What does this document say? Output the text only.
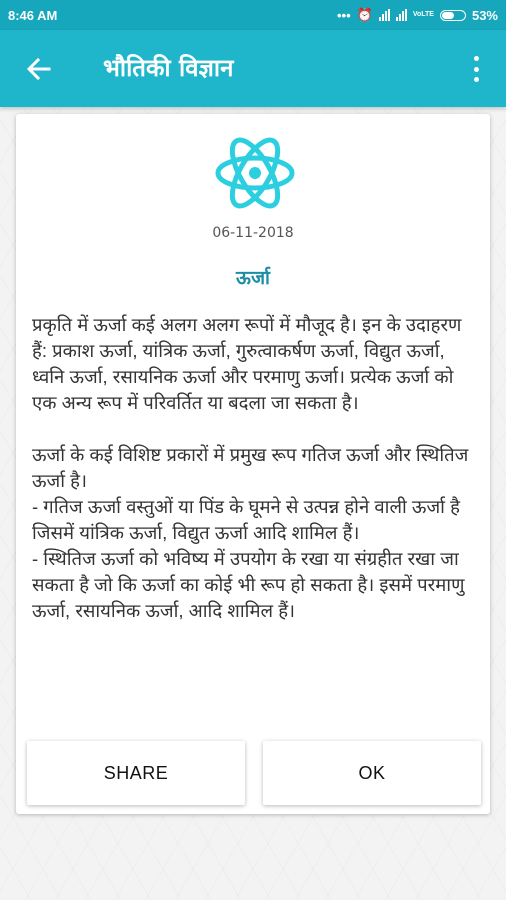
8:46 AM	••• ⏰	VoLTE	53%
भौतिकी विज्ञान
06-11-2018
ऊर्जा

प्रकृति में ऊर्जा कई अलग अलग रूपों में मौजूद है। इन के उदाहरण हैं: प्रकाश ऊर्जा, यांत्रिक ऊर्जा, गुरुत्वाकर्षण ऊर्जा, विद्युत ऊर्जा, ध्वनि ऊर्जा, रसायनिक ऊर्जा और परमाणु ऊर्जा। प्रत्येक ऊर्जा को एक अन्य रूप में परिवर्तित या बदला जा सकता है।

ऊर्जा के कई विशिष्ट प्रकारों में प्रमुख रूप गतिज ऊर्जा और स्थितिज ऊर्जा है।
- गतिज ऊर्जा वस्तुओं या पिंड के घूमने से उत्पन्न होने वाली ऊर्जा है जिसमें यांत्रिक ऊर्जा, विद्युत ऊर्जा आदि शामिल हैं।
- स्थितिज ऊर्जा को भविष्य में उपयोग के रखा या संग्रहीत रखा जा सकता है जो कि ऊर्जा का कोई भी रूप हो सकता है। इसमें परमाणु ऊर्जा, रसायनिक ऊर्जा, आदि शामिल हैं।
SHARE	OK
